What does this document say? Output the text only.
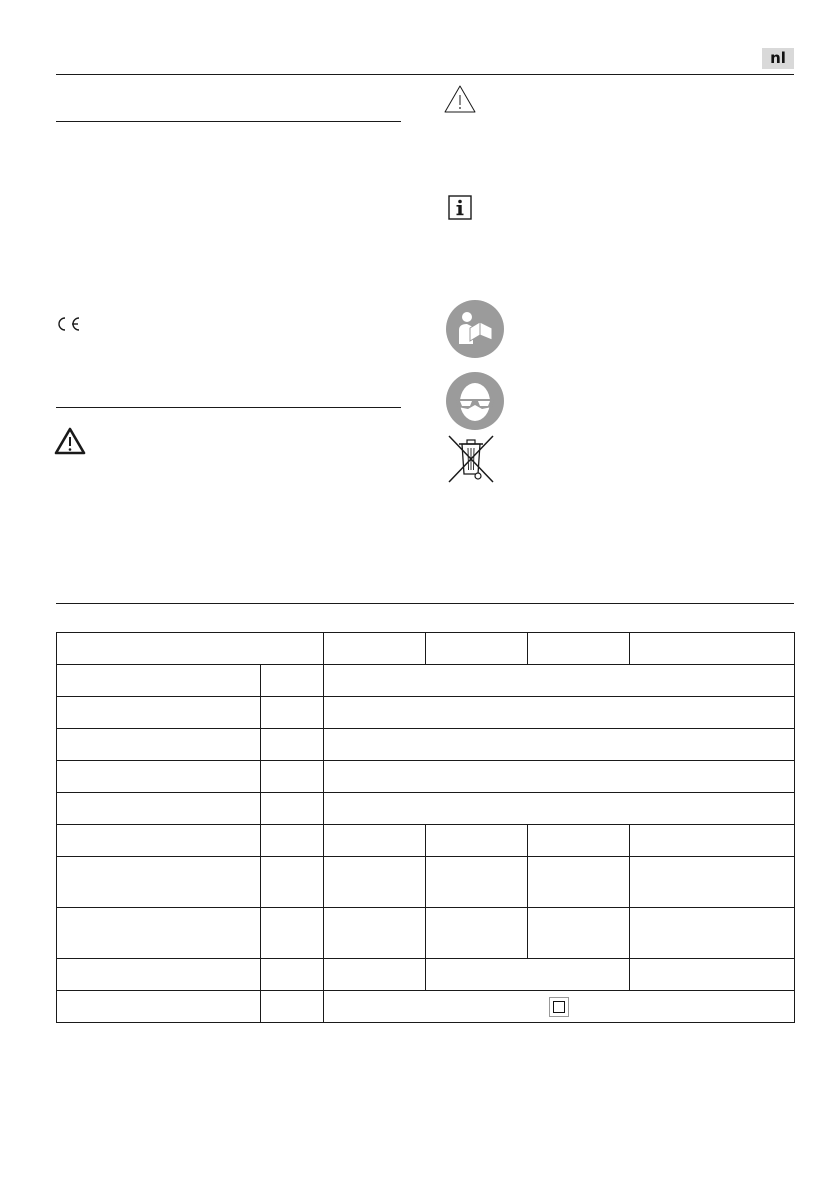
nl
